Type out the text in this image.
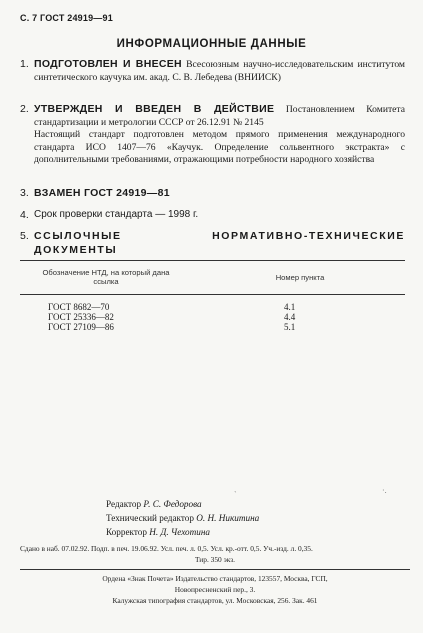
С. 7 ГОСТ 24919—91
ИНФОРМАЦИОННЫЕ ДАННЫЕ
1. ПОДГОТОВЛЕН И ВНЕСЕН Всесоюзным научно-исследовательским институтом синтетического каучука им. акад. С. В. Лебедева (ВНИИСК)
2. УТВЕРЖДЕН И ВВЕДЕН В ДЕЙСТВИЕ Постановлением Комитета стандартизации и метрологии СССР от 26.12.91 № 2145
Настоящий стандарт подготовлен методом прямого применения международного стандарта ИСО 1407—76 «Каучук. Определение сольвентного экстракта» с дополнительными требованиями, отражающими потребности народного хозяйства
3. ВЗАМЕН ГОСТ 24919—81
4. Срок проверки стандарта — 1998 г.
5. ССЫЛОЧНЫЕ НОРМАТИВНО-ТЕХНИЧЕСКИЕ ДОКУМЕНТЫ
Обозначение НТД, на который дана ссылка	Номер пункта
ГОСТ 8682—70	4.1
ГОСТ 25336—82	4.4
ГОСТ 27109—86	5.1
·.
`
Редактор Р. С. Федорова
Технический редактор О. Н. Никитина
Корректор Н. Д. Чехотина
Сдано в наб. 07.02.92. Подп. в печ. 19.06.92. Усл. печ. л. 0,5. Усл. кр.-отт. 0,5. Уч.-изд. л. 0,35.
Тир. 350 экз.
Ордена «Знак Почета» Издательство стандартов, 123557, Москва, ГСП,
Новопресненский пер., 3.
Калужская типография стандартов, ул. Московская, 256. Зак. 461
